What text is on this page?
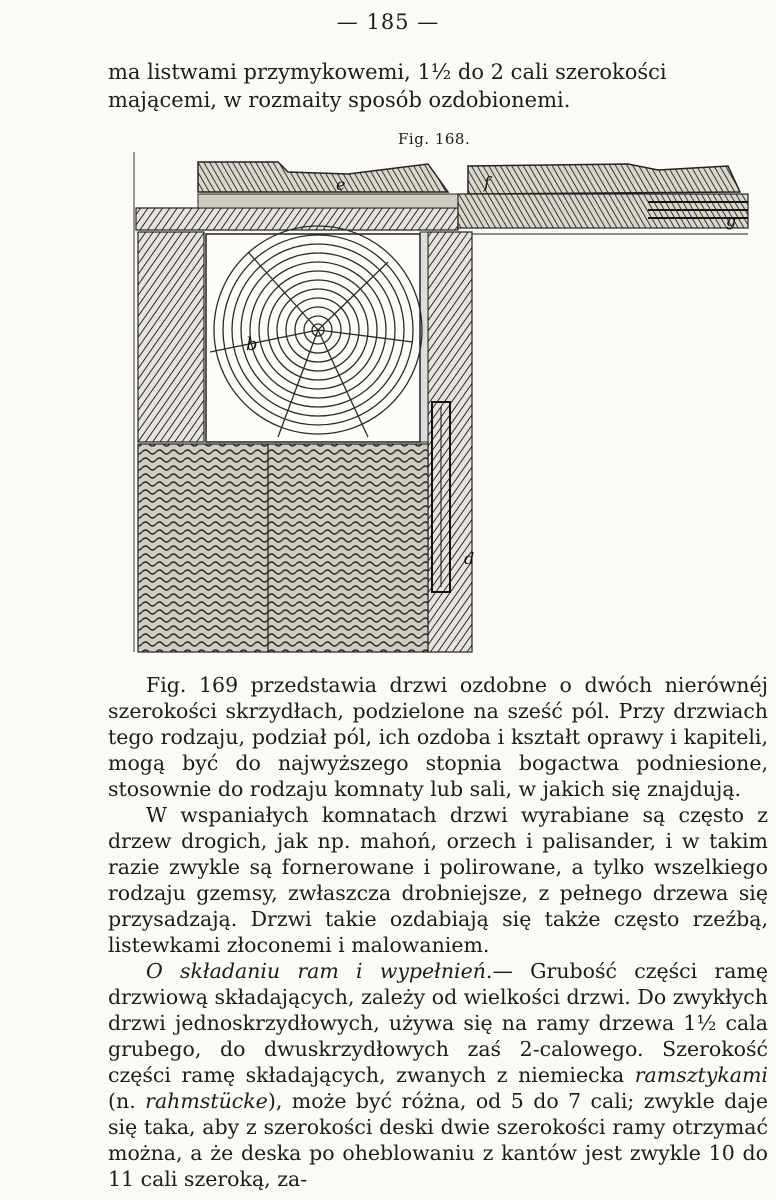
— 185 —
ma listwami przymykowemi, 1½ do 2 cali szerokości mającemi, w rozmaity sposób ozdobionemi.
Fig. 168.
e	f
g
b
d

Fig. 169 przedstawia drzwi ozdobne o dwóch nierównéj szerokości skrzydłach, podzielone na sześć pól. Przy drzwiach tego rodzaju, podział pól, ich ozdoba i kształt oprawy i kapiteli, mogą być do najwyższego stopnia bogactwa podniesione, stosownie do rodzaju komnaty lub sali, w jakich się znajdują.

W wspaniałych komnatach drzwi wyrabiane są często z drzew drogich, jak np. mahoń, orzech i palisander, i w takim razie zwykle są fornerowane i polirowane, a tylko wszelkiego rodzaju gzemsy, zwłaszcza drobniejsze, z pełnego drzewa się przysadzają. Drzwi takie ozdabiają się także często rzeźbą, listewkami złoconemi i malowaniem.

O składaniu ram i wypełnień.— Grubość części ramę drzwiową składających, zależy od wielkości drzwi. Do zwykłych drzwi jednoskrzydłowych, używa się na ramy drzewa 1½ cala grubego, do dwuskrzydłowych zaś 2-calowego. Szerokość części ramę składających, zwanych z niemiecka ramsztykami (n. rahmstücke), może być różna, od 5 do 7 cali; zwykle daje się taka, aby z szerokości deski dwie szerokości ramy otrzymać można, a że deska po oheblowaniu z kantów jest zwykle 10 do 11 cali szeroką, za-
